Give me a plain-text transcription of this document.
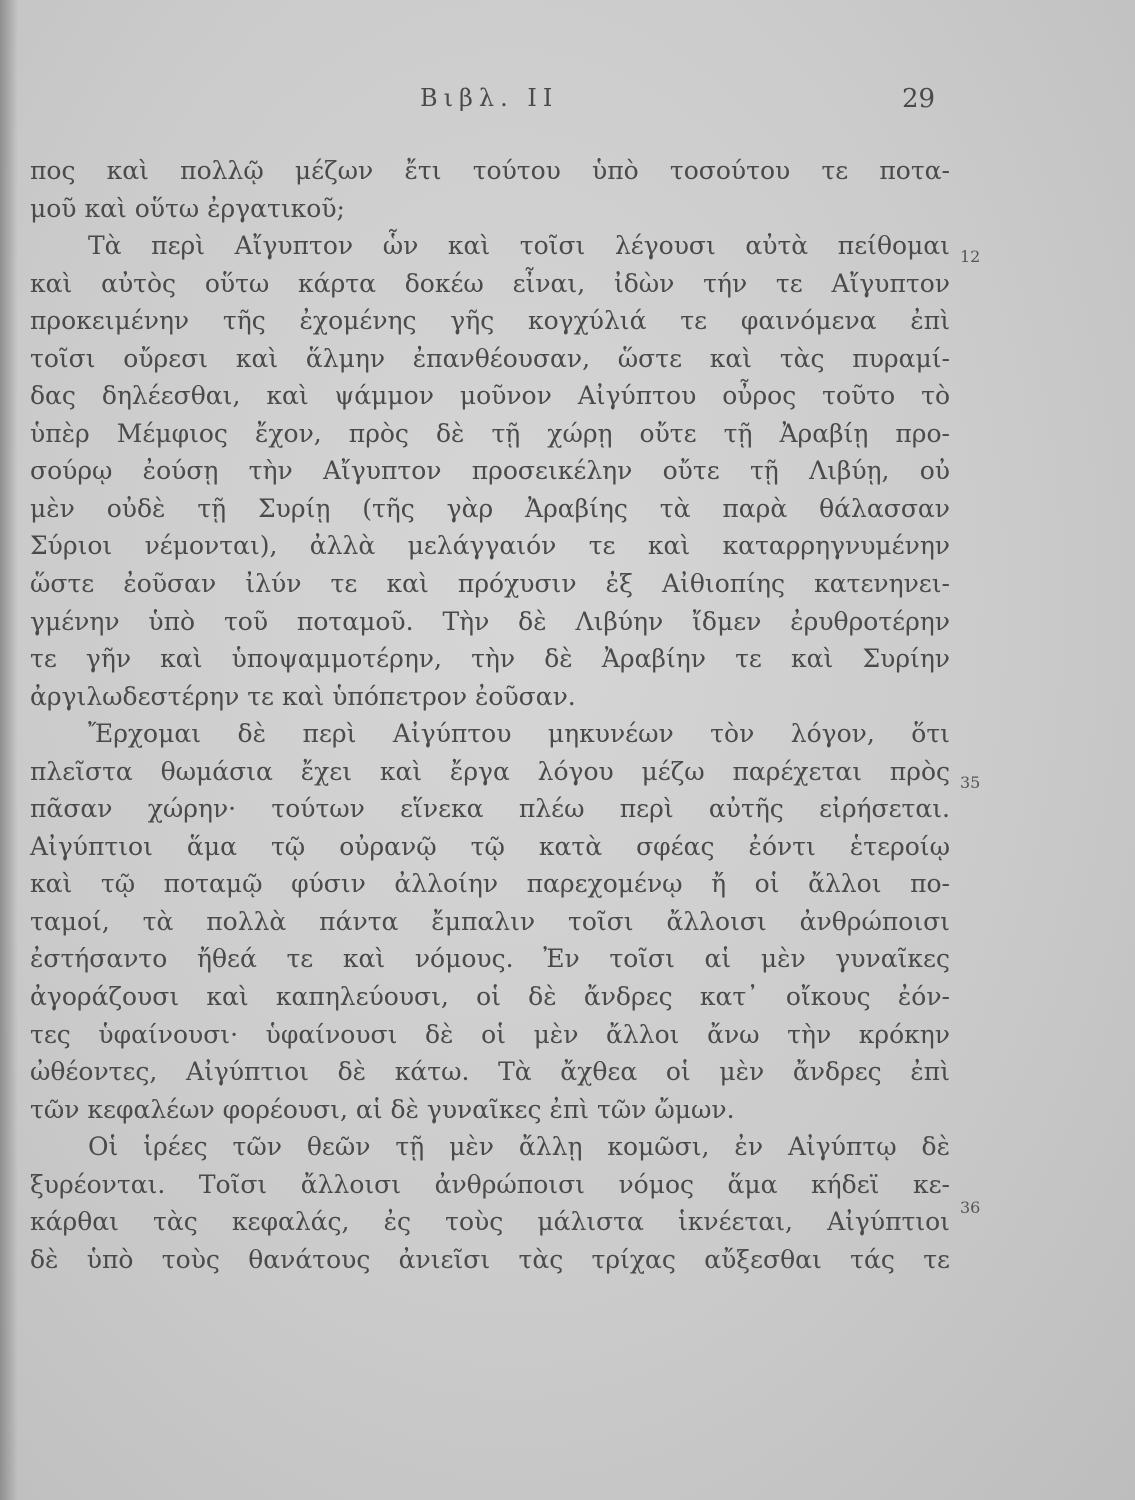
Βιβλ. II	29
πος καὶ πολλῷ μέζων ἔτι τούτου ὑπὸ τοσούτου τε ποτα-
μοῦ καὶ οὕτω ἐργατικοῦ;
Τὰ περὶ Αἴγυπτον ὧν καὶ τοῖσι λέγουσι αὐτὰ πείθομαι
καὶ αὐτὸς οὕτω κάρτα δοκέω εἶναι, ἰδὼν τήν τε Αἴγυπτον
προκειμένην τῆς ἐχομένης γῆς κογχύλιά τε φαινόμενα ἐπὶ
τοῖσι οὔρεσι καὶ ἅλμην ἐπανθέουσαν, ὥστε καὶ τὰς πυραμί-
δας δηλέεσθαι, καὶ ψάμμον μοῦνον Αἰγύπτου οὖρος τοῦτο τὸ
ὑπὲρ Μέμφιος ἔχον, πρὸς δὲ τῇ χώρῃ οὔτε τῇ Ἀραβίῃ προ-
σούρῳ ἐούσῃ τὴν Αἴγυπτον προσεικέλην οὔτε τῇ Λιβύῃ, οὐ
μὲν οὐδὲ τῇ Συρίῃ (τῆς γὰρ Ἀραβίης τὰ παρὰ θάλασσαν
Σύριοι νέμονται), ἀλλὰ μελάγγαιόν τε καὶ καταρρηγνυμένην
ὥστε ἐοῦσαν ἰλύν τε καὶ πρόχυσιν ἐξ Αἰθιοπίης κατενηνει-
γμένην ὑπὸ τοῦ ποταμοῦ. Τὴν δὲ Λιβύην ἴδμεν ἐρυθροτέρην
τε γῆν καὶ ὑποψαμμοτέρην, τὴν δὲ Ἀραβίην τε καὶ Συρίην
ἀργιλωδεστέρην τε καὶ ὑπόπετρον ἐοῦσαν.
Ἔρχομαι δὲ περὶ Αἰγύπτου μηκυνέων τὸν λόγον, ὅτι
πλεῖστα θωμάσια ἔχει καὶ ἔργα λόγου μέζω παρέχεται πρὸς
πᾶσαν χώρην· τούτων εἵνεκα πλέω περὶ αὐτῆς εἰρήσεται.
Αἰγύπτιοι ἅμα τῷ οὐρανῷ τῷ κατὰ σφέας ἐόντι ἑτεροίῳ
καὶ τῷ ποταμῷ φύσιν ἀλλοίην παρεχομένῳ ἤ οἱ ἄλλοι πο-
ταμοί, τὰ πολλὰ πάντα ἔμπαλιν τοῖσι ἄλλοισι ἀνθρώποισι
ἐστήσαντο ἤθεά τε καὶ νόμους. Ἐν τοῖσι αἱ μὲν γυναῖκες
ἀγοράζουσι καὶ καπηλεύουσι, οἱ δὲ ἄνδρες κατ᾽ οἴκους ἐόν-
τες ὑφαίνουσι· ὑφαίνουσι δὲ οἱ μὲν ἄλλοι ἄνω τὴν κρόκην
ὠθέοντες, Αἰγύπτιοι δὲ κάτω. Τὰ ἄχθεα οἱ μὲν ἄνδρες ἐπὶ
τῶν κεφαλέων φορέουσι, αἱ δὲ γυναῖκες ἐπὶ τῶν ὤμων.
Οἱ ἱρέες τῶν θεῶν τῇ μὲν ἄλλῃ κομῶσι, ἐν Αἰγύπτῳ δὲ
ξυρέονται. Τοῖσι ἄλλοισι ἀνθρώποισι νόμος ἅμα κήδεϊ κε-
κάρθαι τὰς κεφαλάς, ἐς τοὺς μάλιστα ἱκνέεται, Αἰγύπτιοι
δὲ ὑπὸ τοὺς θανάτους ἀνιεῖσι τὰς τρίχας αὔξεσθαι τάς τε
12
35
36
